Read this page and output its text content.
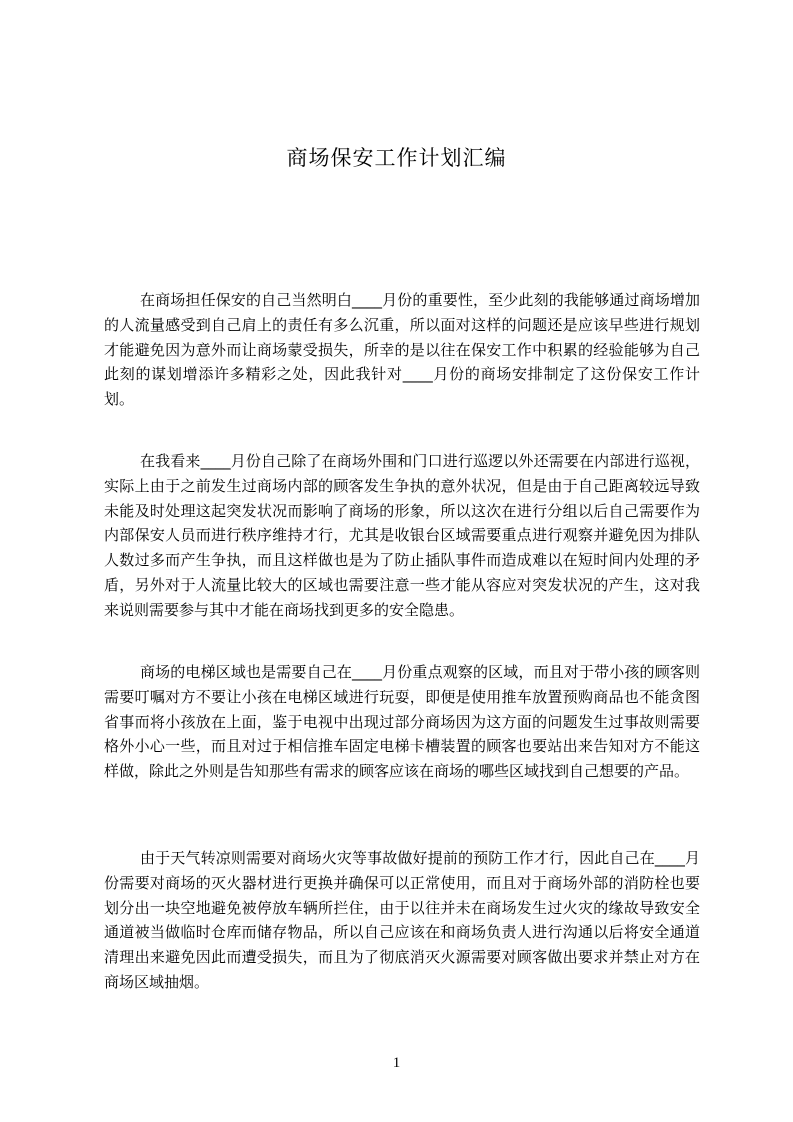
商场保安工作计划汇编

在商场担任保安的自己当然明白____月份的重要性，至少此刻的我能够通过商场增加的人流量感受到自己肩上的责任有多么沉重，所以面对这样的问题还是应该早些进行规划才能避免因为意外而让商场蒙受损失，所幸的是以往在保安工作中积累的经验能够为自己此刻的谋划增添许多精彩之处，因此我针对____月份的商场安排制定了这份保安工作计划。

在我看来____月份自己除了在商场外围和门口进行巡逻以外还需要在内部进行巡视，实际上由于之前发生过商场内部的顾客发生争执的意外状况，但是由于自己距离较远导致未能及时处理这起突发状况而影响了商场的形象，所以这次在进行分组以后自己需要作为内部保安人员而进行秩序维持才行，尤其是收银台区域需要重点进行观察并避免因为排队人数过多而产生争执，而且这样做也是为了防止插队事件而造成难以在短时间内处理的矛盾，另外对于人流量比较大的区域也需要注意一些才能从容应对突发状况的产生，这对我来说则需要参与其中才能在商场找到更多的安全隐患。

商场的电梯区域也是需要自己在____月份重点观察的区域，而且对于带小孩的顾客则需要叮嘱对方不要让小孩在电梯区域进行玩耍，即便是使用推车放置预购商品也不能贪图省事而将小孩放在上面，鉴于电视中出现过部分商场因为这方面的问题发生过事故则需要格外小心一些，而且对过于相信推车固定电梯卡槽装置的顾客也要站出来告知对方不能这样做，除此之外则是告知那些有需求的顾客应该在商场的哪些区域找到自己想要的产品。

由于天气转凉则需要对商场火灾等事故做好提前的预防工作才行，因此自己在____月份需要对商场的灭火器材进行更换并确保可以正常使用，而且对于商场外部的消防栓也要划分出一块空地避免被停放车辆所拦住，由于以往并未在商场发生过火灾的缘故导致安全通道被当做临时仓库而储存物品，所以自己应该在和商场负责人进行沟通以后将安全通道清理出来避免因此而遭受损失，而且为了彻底消灭火源需要对顾客做出要求并禁止对方在商场区域抽烟。

1
